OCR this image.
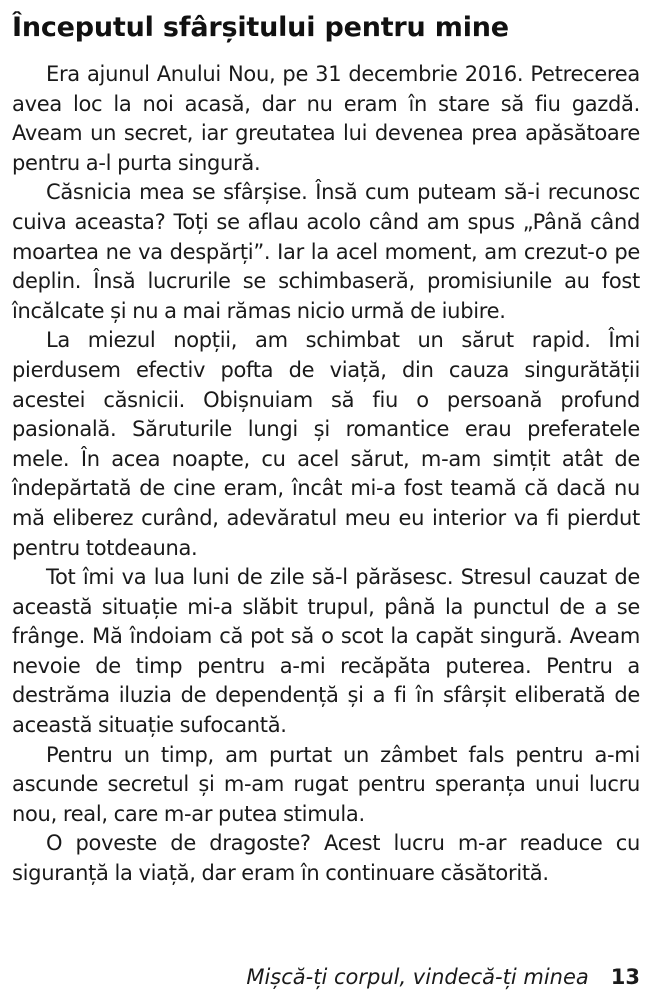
Începutul sfârșitului pentru mine

Era ajunul Anului Nou, pe 31 decembrie 2016. Petrecerea avea loc la noi acasă, dar nu eram în stare să fiu gazdă. Aveam un secret, iar greutatea lui devenea prea apăsătoare pentru a-l purta singură.

Căsnicia mea se sfârșise. Însă cum puteam să-i recunosc cuiva aceasta? Toți se aflau acolo când am spus „Până când moartea ne va despărți”. Iar la acel moment, am crezut-o pe deplin. Însă lucrurile se schimbaseră, promisiunile au fost încălcate și nu a mai rămas nicio urmă de iubire.

La miezul nopții, am schimbat un sărut rapid. Îmi pierdusem efectiv pofta de viață, din cauza singurătății acestei căsnicii. Obișnuiam să fiu o persoană profund pasională. Săruturile lungi și romantice erau preferatele mele. În acea noapte, cu acel sărut, m-am simțit atât de îndepărtată de cine eram, încât mi-a fost teamă că dacă nu mă eliberez curând, adevăratul meu eu interior va fi pierdut pentru totdeauna.

Tot îmi va lua luni de zile să-l părăsesc. Stresul cauzat de această situație mi-a slăbit trupul, până la punctul de a se frânge. Mă îndoiam că pot să o scot la capăt singură. Aveam nevoie de timp pentru a-mi recăpăta puterea. Pentru a destrăma iluzia de dependență și a fi în sfârșit eliberată de această situație sufocantă.

Pentru un timp, am purtat un zâmbet fals pentru a-mi ascunde secretul și m-am rugat pentru speranța unui lucru nou, real, care m-ar putea stimula.

O poveste de dragoste? Acest lucru m-ar readuce cu siguranță la viață, dar eram în continuare căsătorită.

Mișcă-ți corpul, vindecă-ți minea 13
